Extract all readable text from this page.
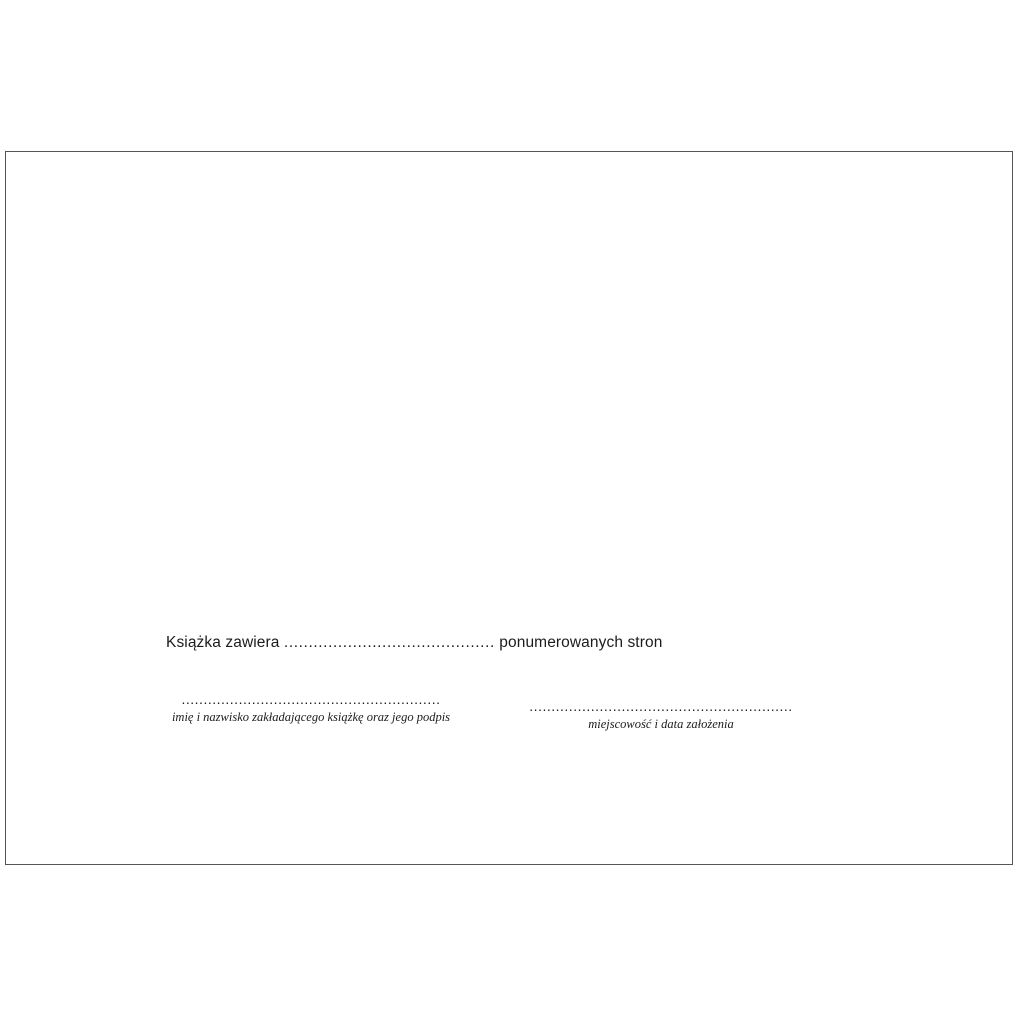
Książka zawiera ........................................... ponumerowanych stron
...........................................................
imię i nazwisko zakładającego książkę oraz jego podpis
............................................................
miejscowość i data założenia
